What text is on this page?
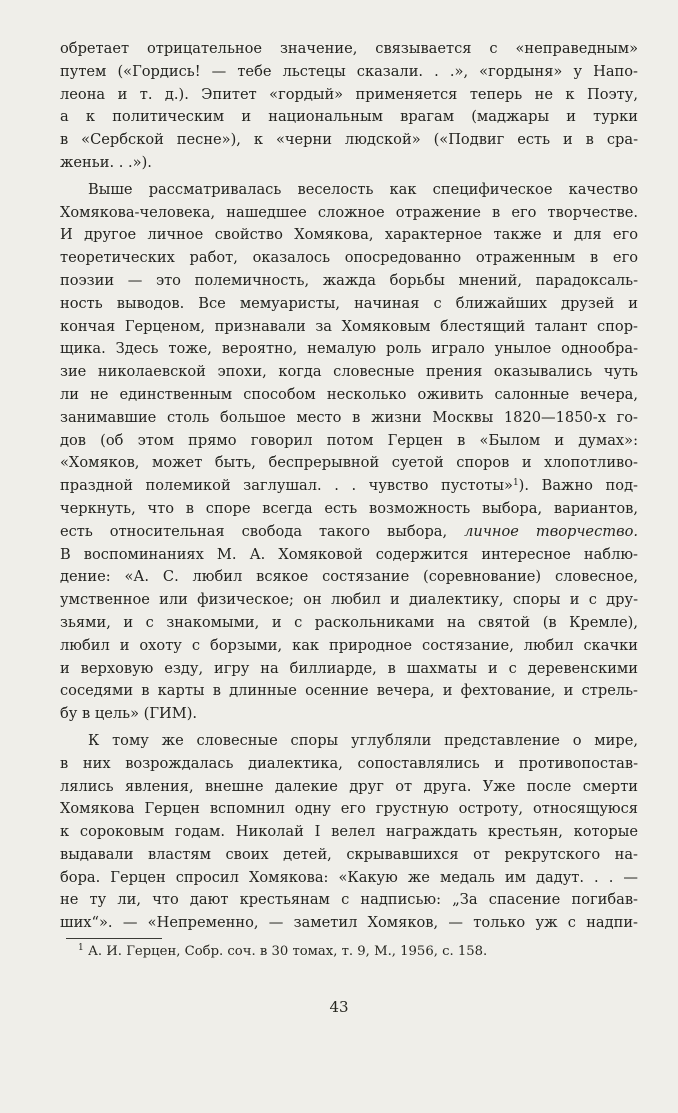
обретает отрицательное значение, связывается с «неправедным»
путем («Гордись! — тебе льстецы сказали. . .», «гордыня» у Напо-
леона и т. д.). Эпитет «гордый» применяется теперь не к Поэту,
а к политическим и национальным врагам (маджары и турки
в «Сербской песне»), к «черни людской» («Подвиг есть и в сра-
женьи. . .»).
Выше рассматривалась веселость как специфическое качество
Хомякова-человека, нашедшее сложное отражение в его творчестве.
И другое личное свойство Хомякова, характерное также и для его
теоретических работ, оказалось опосредованно отраженным в его
поэзии — это полемичность, жажда борьбы мнений, парадоксаль-
ность выводов. Все мемуаристы, начиная с ближайших друзей и
кончая Герценом, признавали за Хомяковым блестящий талант спор-
щика. Здесь тоже, вероятно, немалую роль играло унылое однообра-
зие николаевской эпохи, когда словесные прения оказывались чуть
ли не единственным способом несколько оживить салонные вечера,
занимавшие столь большое место в жизни Москвы 1820—1850-х го-
дов (об этом прямо говорил потом Герцен в «Былом и думах»:
«Хомяков, может быть, беспрерывной суетой споров и хлопотливо-
праздной полемикой заглушал. . . чувство пустоты»$^1$). Важно под-
черкнуть, что в споре всегда есть возможность выбора, вариантов,
есть относительная свобода такого выбора, личное творчество.
В воспоминаниях М. А. Хомяковой содержится интересное наблю-
дение: «А. С. любил всякое состязание (соревнование) словесное,
умственное или физическое; он любил и диалектику, споры и с дру-
зьями, и с знакомыми, и с раскольниками на святой (в Кремле),
любил и охоту с борзыми, как природное состязание, любил скачки
и верховую езду, игру на биллиарде, в шахматы и с деревенскими
соседями в карты в длинные осенние вечера, и фехтование, и стрель-
бу в цель» (ГИМ).
К тому же словесные споры углубляли представление о мире,
в них возрождалась диалектика, сопоставлялись и противопостав-
лялись явления, внешне далекие друг от друга. Уже после смерти
Хомякова Герцен вспомнил одну его грустную остроту, относящуюся
к сороковым годам. Николай I велел награждать крестьян, которые
выдавали властям своих детей, скрывавшихся от рекрутского на-
бора. Герцен спросил Хомякова: «Какую же медаль им дадут. . . —
не ту ли, что дают крестьянам с надписью: „За спасение погибав-
ших“». — «Непременно, — заметил Хомяков, — только уж с надпи-
$^1$ А. И. Герцен, Собр. соч. в 30 томах, т. 9, М., 1956, с. 158.
43
